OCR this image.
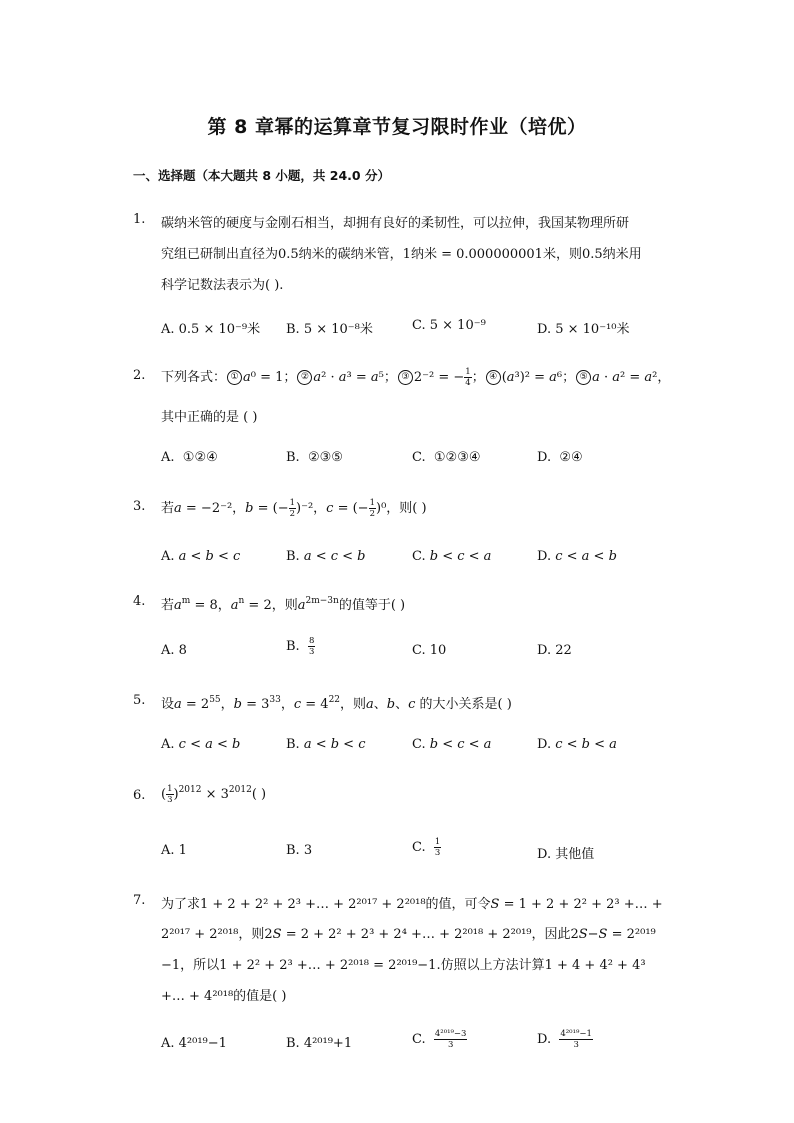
第 8 章幂的运算章节复习限时作业（培优）
一、选择题（本大题共 8 小题，共 24.0 分）
1. 碳纳米管的硬度与金刚石相当，却拥有良好的柔韧性，可以拉伸，我国某物理所研
究组已研制出直径为0.5纳米的碳纳米管，1纳米 = 0.000000001米，则0.5纳米用
科学记数法表示为( ).
A. 0.5 × 10⁻⁹米 B. 5 × 10⁻⁸米	C. 5 × 10⁻⁹	D. 5 × 10⁻¹⁰米
2. 下列各式： ① 𝑎⁰ = 1； ② 𝑎² · 𝑎³ = 𝑎⁵； ③ 2⁻² = − $\frac{1}{4}$ ； ④ (𝑎³)² = 𝑎⁶； ⑤ 𝑎 · 𝑎² = 𝑎²，
其中正确的是 ( )
A. ①②④	B. ②③⑤	C. ①②③④	D. ②④
3. 若𝑎 = −2⁻²，𝑏 = (− $\frac{1}{2} )^{-2}$，𝑐 = (− $\frac{1}{2} )^0$，则( )
A. 𝑎 < 𝑏 < 𝑐	B. 𝑎 < 𝑐 < 𝑏	C. 𝑏 < 𝑐 < 𝑎	D. 𝑐 < 𝑎 < 𝑏
4. 若𝑎$^m$ = 8，𝑎$^n$ = 2，则𝑎$^{2m-3n}$的值等于( )
A. 8	B. $\frac{8}{3}$	C. 10	D. 22
5. 设𝑎 = $2^{55}$，𝑏 = $3^{33}$，𝑐 = $4^{22}$，则𝑎、𝑏、𝑐 的大小关系是( )
A. 𝑐 < 𝑎 < 𝑏	B. 𝑎 < 𝑏 < 𝑐	C. 𝑏 < 𝑐 < 𝑎	D. 𝑐 < 𝑏 < 𝑎
6. ( $\frac{1}{3} )^{2012} \times 3^{2012}$( )
A. 1	B. 3	C. $\frac{1}{3}$	D. 其他值
7. 为了求1 + 2 + 2² + 2³ +… + 2²⁰¹⁷ + 2²⁰¹⁸的值，可令𝑆 = 1 + 2 + 2² + 2³ +… +
2²⁰¹⁷ + 2²⁰¹⁸，则2𝑆 = 2 + 2² + 2³ + 2⁴ +… + 2²⁰¹⁸ + 2²⁰¹⁹，因此2𝑆−𝑆 = 2²⁰¹⁹
−1，所以1 + 2² + 2³ +… + 2²⁰¹⁸ = 2²⁰¹⁹−1.仿照以上方法计算1 + 4 + 4² + 4³
+… + 4²⁰¹⁸的值是( )
A. 4²⁰¹⁹−1	B. 4²⁰¹⁹+1	C. $\frac{\text{4²⁰¹⁹−3}}{3}$	D. $\frac{\text{4²⁰¹⁹−1}}{3}$
